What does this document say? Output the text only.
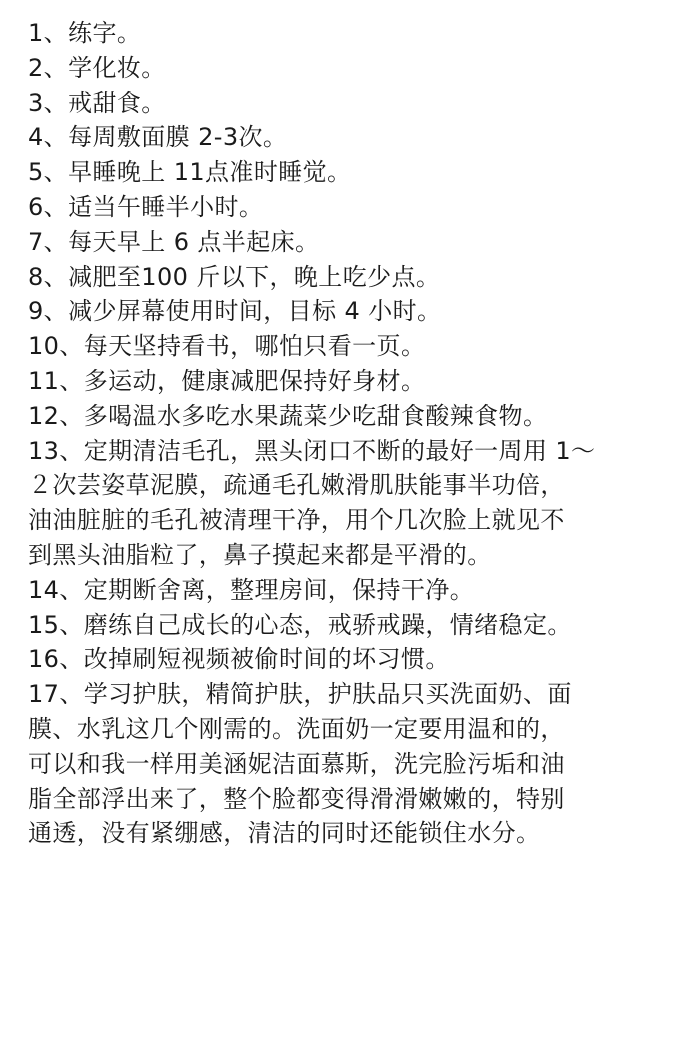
1、练字。
2、学化妆。
3、戒甜食。
4、每周敷面膜 2-3次。
5、早睡晚上 11点准时睡觉。
6、适当午睡半小时。
7、每天早上 6 点半起床。
8、减肥至100 斤以下，晚上吃少点。
9、减少屏幕使用时间，目标 4 小时。
10、每天坚持看书，哪怕只看一页。
11、多运动，健康减肥保持好身材。
12、多喝温水多吃水果蔬菜少吃甜食酸辣食物。
13、定期清洁毛孔，黑头闭口不断的最好一周用 1～
２次芸姿草泥膜，疏通毛孔嫩滑肌肤能事半功倍，
油油脏脏的毛孔被清理干净，用个几次脸上就见不
到黑头油脂粒了，鼻子摸起来都是平滑的。
14、定期断舍离，整理房间，保持干净。
15、磨练自己成长的心态，戒骄戒躁，情绪稳定。
16、改掉刷短视频被偷时间的坏习惯。
17、学习护肤，精简护肤，护肤品只买洗面奶、面
膜、水乳这几个刚需的。洗面奶一定要用温和的，
可以和我一样用美涵妮洁面慕斯，洗完脸污垢和油
脂全部浮出来了，整个脸都变得滑滑嫩嫩的，特别
通透，没有紧绷感，清洁的同时还能锁住水分。
